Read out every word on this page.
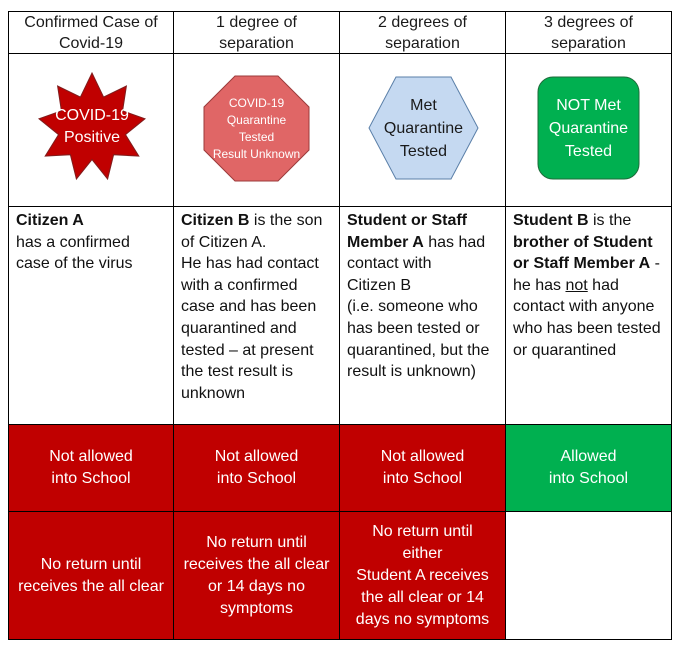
Confirmed Case of
Covid-19
1 degree of
separation
2 degrees of
separation
3 degrees of
separation
COVID-19
Positive
COVID-19
Quarantine
Tested
Result Unknown
Met
Quarantine
Tested
NOT Met
Quarantine
Tested
Citizen A
has a confirmed
case of the virus
Citizen B is the son
of Citizen A.
He has had contact
with a confirmed
case and has been
quarantined and
tested – at present
the test result is
unknown
Student or Staff
Member A has had
contact with
Citizen B
(i.e. someone who
has been tested or
quarantined, but the
result is unknown)
Student B is the
brother of Student
or Staff Member A -
he has not had
contact with anyone
who has been tested
or quarantined
Not allowed
into School
Not allowed
into School
Not allowed
into School
Allowed
into School
No return until
receives the all clear
No return until
receives the all clear
or 14 days no
symptoms
No return until
either
Student A receives
the all clear or 14
days no symptoms
